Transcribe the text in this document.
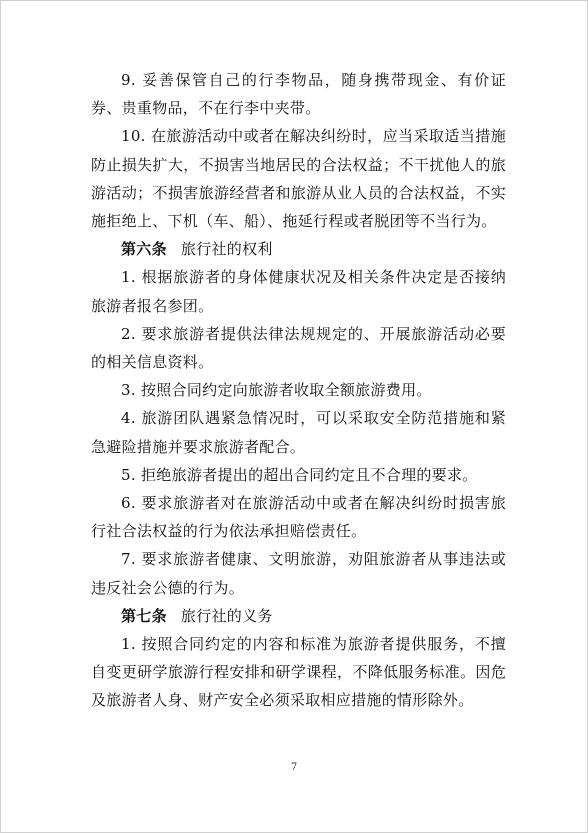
9. 妥善保管自己的行李物品，随身携带现金、有价证券、贵重物品，不在行李中夹带。

10. 在旅游活动中或者在解决纠纷时，应当采取适当措施防止损失扩大，不损害当地居民的合法权益；不干扰他人的旅游活动；不损害旅游经营者和旅游从业人员的合法权益，不实施拒绝上、下机（车、船）、拖延行程或者脱团等不当行为。

第六条 旅行社的权利

1. 根据旅游者的身体健康状况及相关条件决定是否接纳旅游者报名参团。

2. 要求旅游者提供法律法规规定的、开展旅游活动必要的相关信息资料。

3. 按照合同约定向旅游者收取全额旅游费用。

4. 旅游团队遇紧急情况时，可以采取安全防范措施和紧急避险措施并要求旅游者配合。

5. 拒绝旅游者提出的超出合同约定且不合理的要求。

6. 要求旅游者对在旅游活动中或者在解决纠纷时损害旅行社合法权益的行为依法承担赔偿责任。

7. 要求旅游者健康、文明旅游，劝阻旅游者从事违法或违反社会公德的行为。

第七条 旅行社的义务

1. 按照合同约定的内容和标准为旅游者提供服务，不擅自变更研学旅游行程安排和研学课程，不降低服务标准。因危及旅游者人身、财产安全必须采取相应措施的情形除外。

7
